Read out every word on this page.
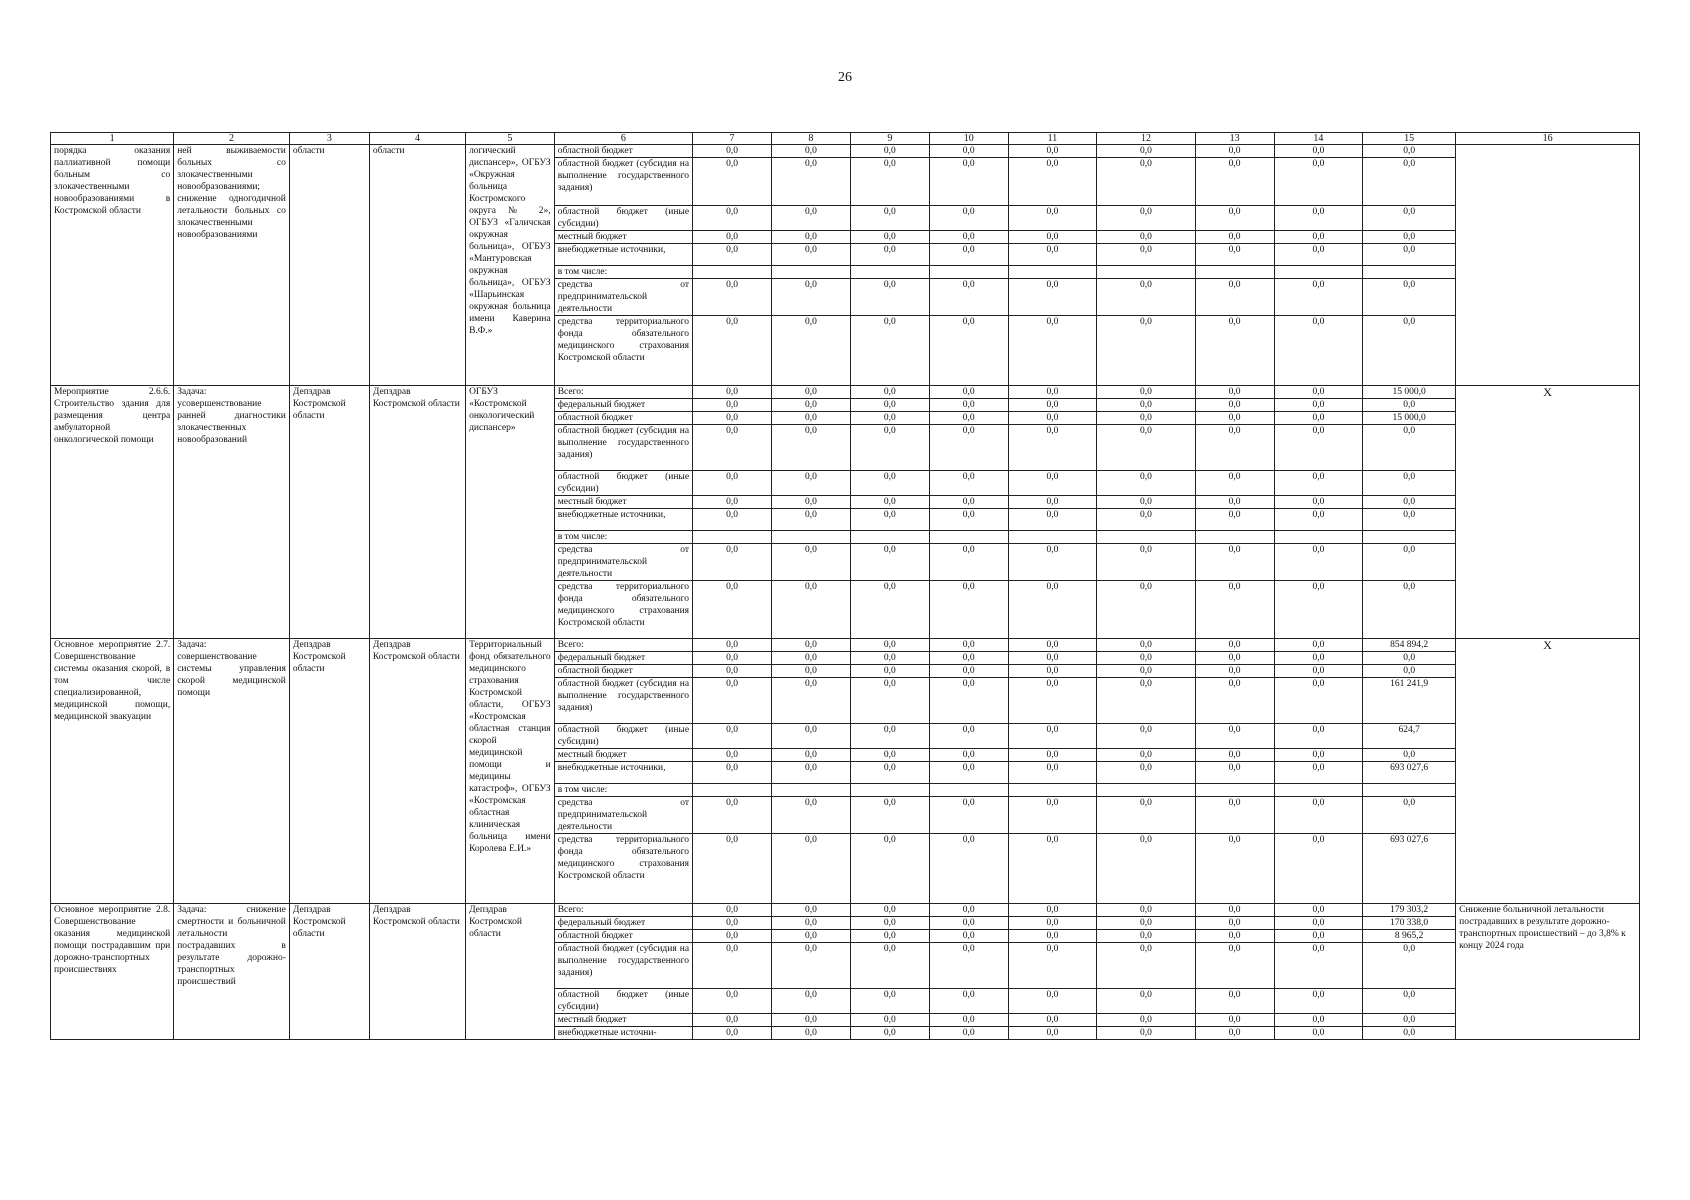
26
1	2	3	4	5	6	7	8	9	10	11	12	13	14	15	16
порядка оказания паллиативной помощи больным со злокачественными новообразованиями в Костромской области	ней выживаемости больных со злокачественными новообразованиями; снижение одногодичной летальности больных со злокачественными новообразованиями	области	области	логический диспансер», ОГБУЗ «Окружная больница Костромского округа № 2», ОГБУЗ «Галичская окружная больница», ОГБУЗ «Мантуровская окружная больница», ОГБУЗ «Шарьинская окружная больница имени Каверина В.Ф.»	областной бюджет	0,0	0,0	0,0	0,0	0,0	0,0	0,0	0,0	0,0	
					областной бюджет (субсидия на выполнение государственного задания)	0,0	0,0	0,0	0,0	0,0	0,0	0,0	0,0	0,0	
					областной бюджет (иные субсидии)	0,0	0,0	0,0	0,0	0,0	0,0	0,0	0,0	0,0	
					местный бюджет	0,0	0,0	0,0	0,0	0,0	0,0	0,0	0,0	0,0	
					внебюджетные источники,	0,0	0,0	0,0	0,0	0,0	0,0	0,0	0,0	0,0	
					в том числе:										
					средства от предпринимательской деятельности	0,0	0,0	0,0	0,0	0,0	0,0	0,0	0,0	0,0	
					средства территориального фонда обязательного медицинского страхования Костромской области	0,0	0,0	0,0	0,0	0,0	0,0	0,0	0,0	0,0	
Мероприятие 2.6.6. Строительство здания для размещения центра амбулаторной онкологической помощи	Задача: усовершенствование ранней диагностики злокачественных новообразований	Депздрав Костромской области	Депздрав Костромской области	ОГБУЗ «Костромской онкологический диспансер»	Всего:	0,0	0,0	0,0	0,0	0,0	0,0	0,0	0,0	15 000,0	X
					федеральный бюджет	0,0	0,0	0,0	0,0	0,0	0,0	0,0	0,0	0,0	
					областной бюджет	0,0	0,0	0,0	0,0	0,0	0,0	0,0	0,0	15 000,0	
					областной бюджет (субсидия на выполнение государственного задания)	0,0	0,0	0,0	0,0	0,0	0,0	0,0	0,0	0,0	
					областной бюджет (иные субсидии)	0,0	0,0	0,0	0,0	0,0	0,0	0,0	0,0	0,0	
					местный бюджет	0,0	0,0	0,0	0,0	0,0	0,0	0,0	0,0	0,0	
					внебюджетные источники,	0,0	0,0	0,0	0,0	0,0	0,0	0,0	0,0	0,0	
					в том числе:										
					средства от предпринимательской деятельности	0,0	0,0	0,0	0,0	0,0	0,0	0,0	0,0	0,0	
					средства территориального фонда обязательного медицинского страхования Костромской области	0,0	0,0	0,0	0,0	0,0	0,0	0,0	0,0	0,0	
Основное мероприятие 2.7. Совершенствование системы оказания скорой, в том числе специализированной, медицинской помощи, медицинской эвакуации	Задача: совершенствование системы управления скорой медицинской помощи	Депздрав Костромской области	Депздрав Костромской области	Территориальный фонд обязательного медицинского страхования Костромской области, ОГБУЗ «Костромская областная станция скорой медицинской помощи и медицины катастроф», ОГБУЗ «Костромская областная клиническая больница имени Королева Е.И.»	Всего:	0,0	0,0	0,0	0,0	0,0	0,0	0,0	0,0	854 894,2	X
					федеральный бюджет	0,0	0,0	0,0	0,0	0,0	0,0	0,0	0,0	0,0	
					областной бюджет	0,0	0,0	0,0	0,0	0,0	0,0	0,0	0,0	0,0	
					областной бюджет (субсидия на выполнение государственного задания)	0,0	0,0	0,0	0,0	0,0	0,0	0,0	0,0	161 241,9	
					областной бюджет (иные субсидии)	0,0	0,0	0,0	0,0	0,0	0,0	0,0	0,0	624,7	
					местный бюджет	0,0	0,0	0,0	0,0	0,0	0,0	0,0	0,0	0,0	
					внебюджетные источники,	0,0	0,0	0,0	0,0	0,0	0,0	0,0	0,0	693 027,6	
					в том числе:										
					средства от предпринимательской деятельности	0,0	0,0	0,0	0,0	0,0	0,0	0,0	0,0	0,0	
					средства территориального фонда обязательного медицинского страхования Костромской области	0,0	0,0	0,0	0,0	0,0	0,0	0,0	0,0	693 027,6	
Основное мероприятие 2.8. Совершенствование оказания медицинской помощи пострадавшим при дорожно-транспортных происшествиях	Задача: снижение смертности и больничной летальности пострадавших в результате дорожно-транспортных происшествий	Депздрав Костромской области	Депздрав Костромской области	Депздрав Костромской области	Всего:	0,0	0,0	0,0	0,0	0,0	0,0	0,0	0,0	179 303,2	Снижение больничной летальности пострадавших в результате дорожно-транспортных происшествий – до 3,8% к концу 2024 года
					федеральный бюджет	0,0	0,0	0,0	0,0	0,0	0,0	0,0	0,0	170 338,0	
					областной бюджет	0,0	0,0	0,0	0,0	0,0	0,0	0,0	0,0	8 965,2	
					областной бюджет (субсидия на выполнение государственного задания)	0,0	0,0	0,0	0,0	0,0	0,0	0,0	0,0	0,0	
					областной бюджет (иные субсидии)	0,0	0,0	0,0	0,0	0,0	0,0	0,0	0,0	0,0	
					местный бюджет	0,0	0,0	0,0	0,0	0,0	0,0	0,0	0,0	0,0	
					внебюджетные источни-	0,0	0,0	0,0	0,0	0,0	0,0	0,0	0,0	0,0	
